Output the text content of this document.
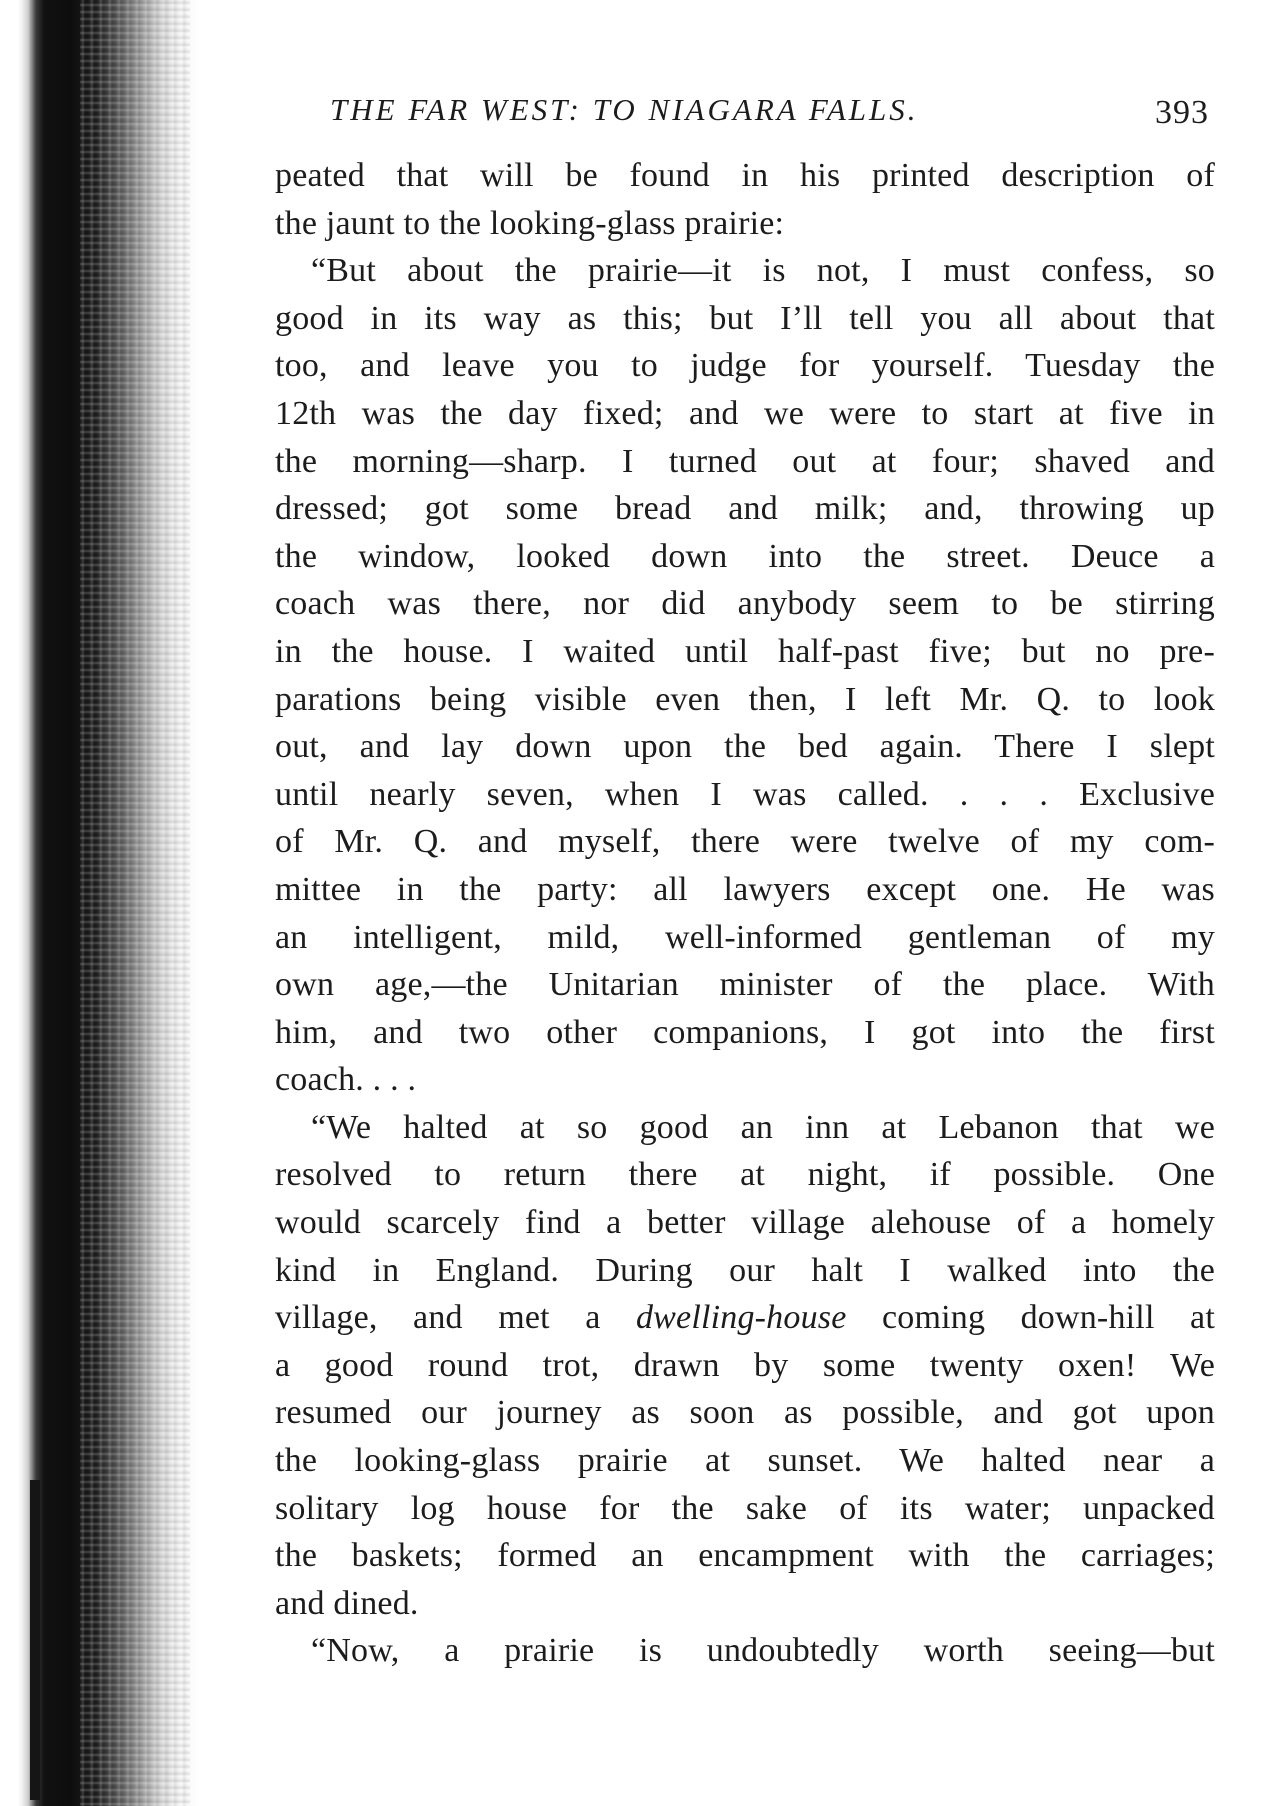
THE FAR WEST: TO NIAGARA FALLS.	393
peated that will be found in his printed description of
the jaunt to the looking-glass prairie:
“But about the prairie—it is not, I must confess, so
good in its way as this; but I’ll tell you all about that
too, and leave you to judge for yourself. Tuesday the
12th was the day fixed; and we were to start at five in
the morning—sharp. I turned out at four; shaved and
dressed; got some bread and milk; and, throwing up
the window, looked down into the street. Deuce a
coach was there, nor did anybody seem to be stirring
in the house. I waited until half-past five; but no pre-
parations being visible even then, I left Mr. Q. to look
out, and lay down upon the bed again. There I slept
until nearly seven, when I was called. . . . Exclusive
of Mr. Q. and myself, there were twelve of my com-
mittee in the party: all lawyers except one. He was
an intelligent, mild, well-informed gentleman of my
own age,—the Unitarian minister of the place. With
him, and two other companions, I got into the first
coach. . . .
“We halted at so good an inn at Lebanon that we
resolved to return there at night, if possible. One
would scarcely find a better village alehouse of a homely
kind in England. During our halt I walked into the
village, and met a dwelling-house coming down-hill at
a good round trot, drawn by some twenty oxen! We
resumed our journey as soon as possible, and got upon
the looking-glass prairie at sunset. We halted near a
solitary log house for the sake of its water; unpacked
the baskets; formed an encampment with the carriages;
and dined.
“Now, a prairie is undoubtedly worth seeing—but
